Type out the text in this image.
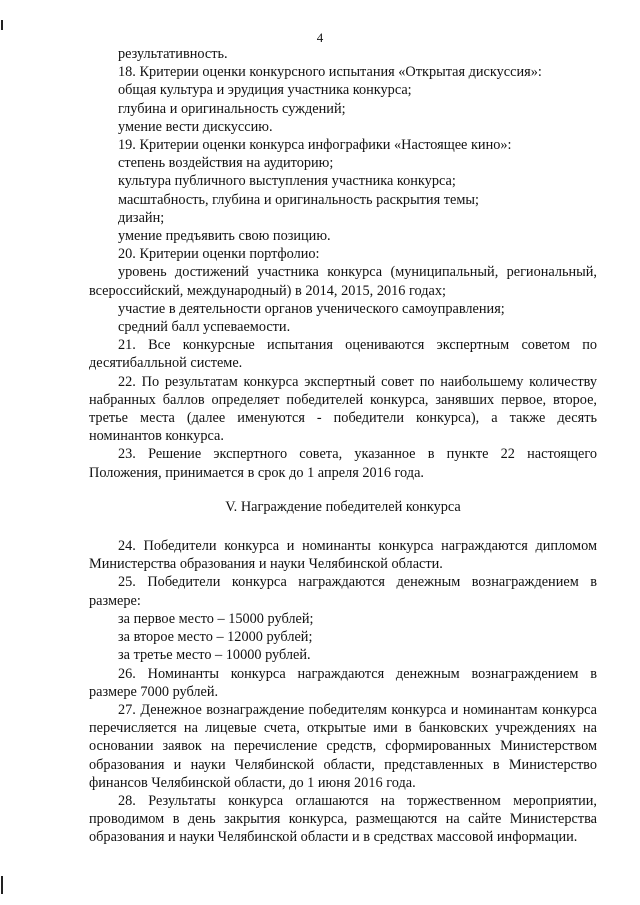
4

результативность.

18. Критерии оценки конкурсного испытания «Открытая дискуссия»:

общая культура и эрудиция участника конкурса;

глубина и оригинальность суждений;

умение вести дискуссию.

19. Критерии оценки конкурса инфографики «Настоящее кино»:

степень воздействия на аудиторию;

культура публичного выступления участника конкурса;

масштабность, глубина и оригинальность раскрытия темы;

дизайн;

умение предъявить свою позицию.

20. Критерии оценки портфолио:

уровень достижений участника конкурса (муниципальный, региональный, всероссийский, международный) в 2014, 2015, 2016 годах;

участие в деятельности органов ученического самоуправления;

средний балл успеваемости.

21. Все конкурсные испытания оцениваются экспертным советом по десятибалльной системе.

22. По результатам конкурса экспертный совет по наибольшему количеству набранных баллов определяет победителей конкурса, занявших первое, второе, третье места (далее именуются - победители конкурса), а также десять номинантов конкурса.

23. Решение экспертного совета, указанное в пункте 22 настоящего Положения, принимается в срок до 1 апреля 2016 года.

V. Награждение победителей конкурса

24. Победители конкурса и номинанты конкурса награждаются дипломом Министерства образования и науки Челябинской области.

25. Победители конкурса награждаются денежным вознаграждением в размере:

за первое место – 15000 рублей;

за второе место – 12000 рублей;

за третье место – 10000 рублей.

26. Номинанты конкурса награждаются денежным вознаграждением в размере 7000 рублей.

27. Денежное вознаграждение победителям конкурса и номинантам конкурса перечисляется на лицевые счета, открытые ими в банковских учреждениях на основании заявок на перечисление средств, сформированных Министерством образования и науки Челябинской области, представленных в Министерство финансов Челябинской области, до 1 июня 2016 года.

28. Результаты конкурса оглашаются на торжественном мероприятии, проводимом в день закрытия конкурса, размещаются на сайте Министерства образования и науки Челябинской области и в средствах массовой информации.
